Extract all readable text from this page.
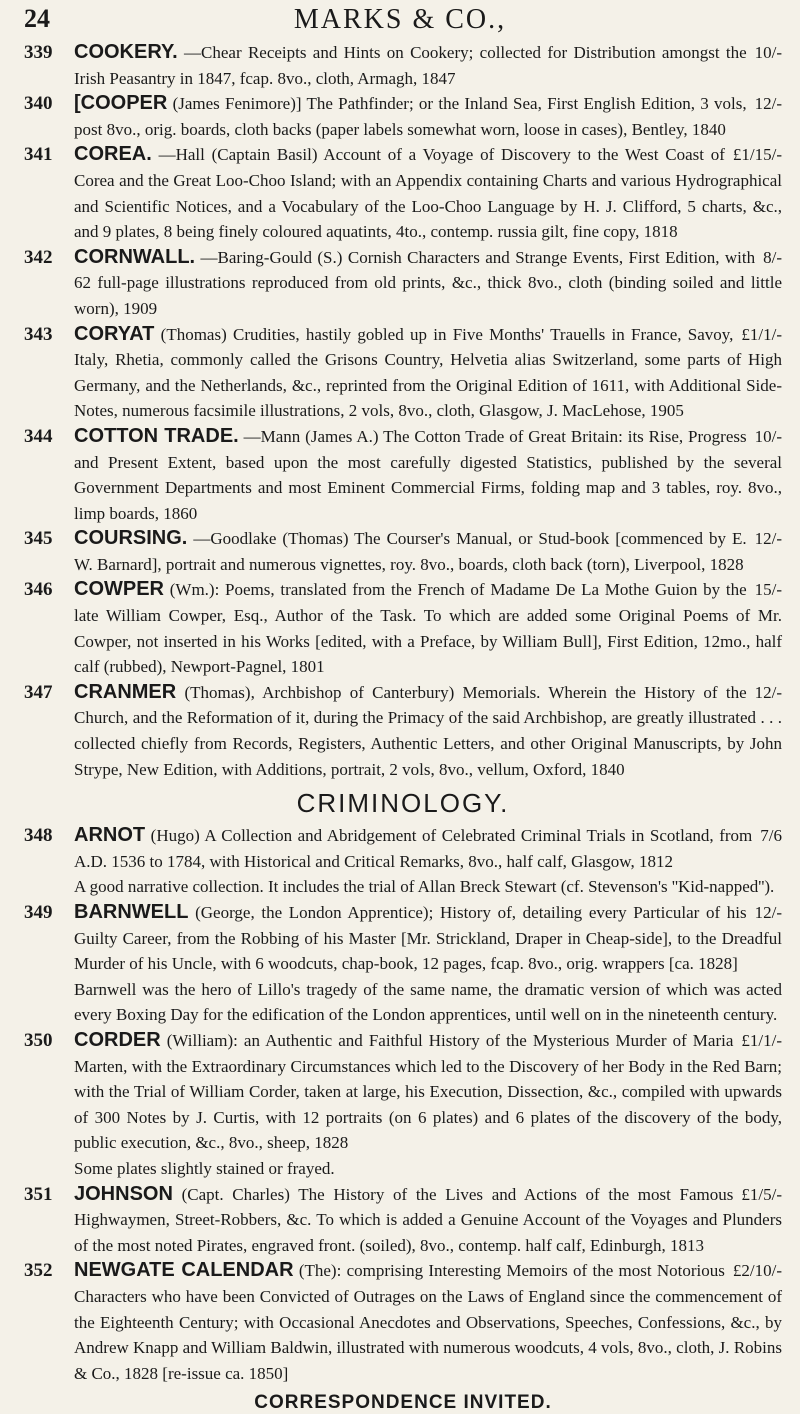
24	MARKS & CO.,
339	10/-
COOKERY. —Chear Receipts and Hints on Cookery; collected for Distribution amongst the Irish Peasantry in 1847, fcap. 8vo., cloth, Armagh, 1847
340	12/-
[COOPER (James Fenimore)] The Pathfinder; or the Inland Sea, First English Edition, 3 vols, post 8vo., orig. boards, cloth backs (paper labels somewhat worn, loose in cases), Bentley, 1840
341	£1/15/-
COREA. —Hall (Captain Basil) Account of a Voyage of Discovery to the West Coast of Corea and the Great Loo-Choo Island; with an Appendix containing Charts and various Hydrographical and Scientific Notices, and a Vocabulary of the Loo-Choo Language by H. J. Clifford, 5 charts, &c., and 9 plates, 8 being finely coloured aquatints, 4to., contemp. russia gilt, fine copy, 1818
342	8/-
CORNWALL. —Baring-Gould (S.) Cornish Characters and Strange Events, First Edition, with 62 full-page illustrations reproduced from old prints, &c., thick 8vo., cloth (binding soiled and little worn), 1909
343	£1/1/-
CORYAT (Thomas) Crudities, hastily gobled up in Five Months' Trauells in France, Savoy, Italy, Rhetia, commonly called the Grisons Country, Helvetia alias Switzerland, some parts of High Germany, and the Netherlands, &c., reprinted from the Original Edition of 1611, with Additional Side-Notes, numerous facsimile illustrations, 2 vols, 8vo., cloth, Glasgow, J. MacLehose, 1905
344	10/-
COTTON TRADE. —Mann (James A.) The Cotton Trade of Great Britain: its Rise, Progress and Present Extent, based upon the most carefully digested Statistics, published by the several Government Departments and most Eminent Commercial Firms, folding map and 3 tables, roy. 8vo., limp boards, 1860
345	12/-
COURSING. —Goodlake (Thomas) The Courser's Manual, or Stud-book [commenced by E. W. Barnard], portrait and numerous vignettes, roy. 8vo., boards, cloth back (torn), Liverpool, 1828
346	15/-
COWPER (Wm.): Poems, translated from the French of Madame De La Mothe Guion by the late William Cowper, Esq., Author of the Task. To which are added some Original Poems of Mr. Cowper, not inserted in his Works [edited, with a Preface, by William Bull], First Edition, 12mo., half calf (rubbed), Newport-Pagnel, 1801
347	12/-
CRANMER (Thomas), Archbishop of Canterbury) Memorials. Wherein the History of the Church, and the Reformation of it, during the Primacy of the said Archbishop, are greatly illustrated . . . collected chiefly from Records, Registers, Authentic Letters, and other Original Manuscripts, by John Strype, New Edition, with Additions, portrait, 2 vols, 8vo., vellum, Oxford, 1840
CRIMINOLOGY.
348	7/6
ARNOT (Hugo) A Collection and Abridgement of Celebrated Criminal Trials in Scotland, from A.D. 1536 to 1784, with Historical and Critical Remarks, 8vo., half calf, Glasgow, 1812
A good narrative collection. It includes the trial of Allan Breck Stewart (cf. Stevenson's ''Kid-napped'').
349	12/-
BARNWELL (George, the London Apprentice); History of, detailing every Particular of his Guilty Career, from the Robbing of his Master [Mr. Strickland, Draper in Cheap-side], to the Dreadful Murder of his Uncle, with 6 woodcuts, chap-book, 12 pages, fcap. 8vo., orig. wrappers [ca. 1828]
Barnwell was the hero of Lillo's tragedy of the same name, the dramatic version of which was acted every Boxing Day for the edification of the London apprentices, until well on in the nineteenth century.
350	£1/1/-
CORDER (William): an Authentic and Faithful History of the Mysterious Murder of Maria Marten, with the Extraordinary Circumstances which led to the Discovery of her Body in the Red Barn; with the Trial of William Corder, taken at large, his Execution, Dissection, &c., compiled with upwards of 300 Notes by J. Curtis, with 12 portraits (on 6 plates) and 6 plates of the discovery of the body, public execution, &c., 8vo., sheep, 1828
Some plates slightly stained or frayed.
351	£1/5/-
JOHNSON (Capt. Charles) The History of the Lives and Actions of the most Famous Highwaymen, Street-Robbers, &c. To which is added a Genuine Account of the Voyages and Plunders of the most noted Pirates, engraved front. (soiled), 8vo., contemp. half calf, Edinburgh, 1813
352	£2/10/-
NEWGATE CALENDAR (The): comprising Interesting Memoirs of the most Notorious Characters who have been Convicted of Outrages on the Laws of England since the commencement of the Eighteenth Century; with Occasional Anecdotes and Observations, Speeches, Confessions, &c., by Andrew Knapp and William Baldwin, illustrated with numerous woodcuts, 4 vols, 8vo., cloth, J. Robins & Co., 1828 [re-issue ca. 1850]
CORRESPONDENCE INVITED.
